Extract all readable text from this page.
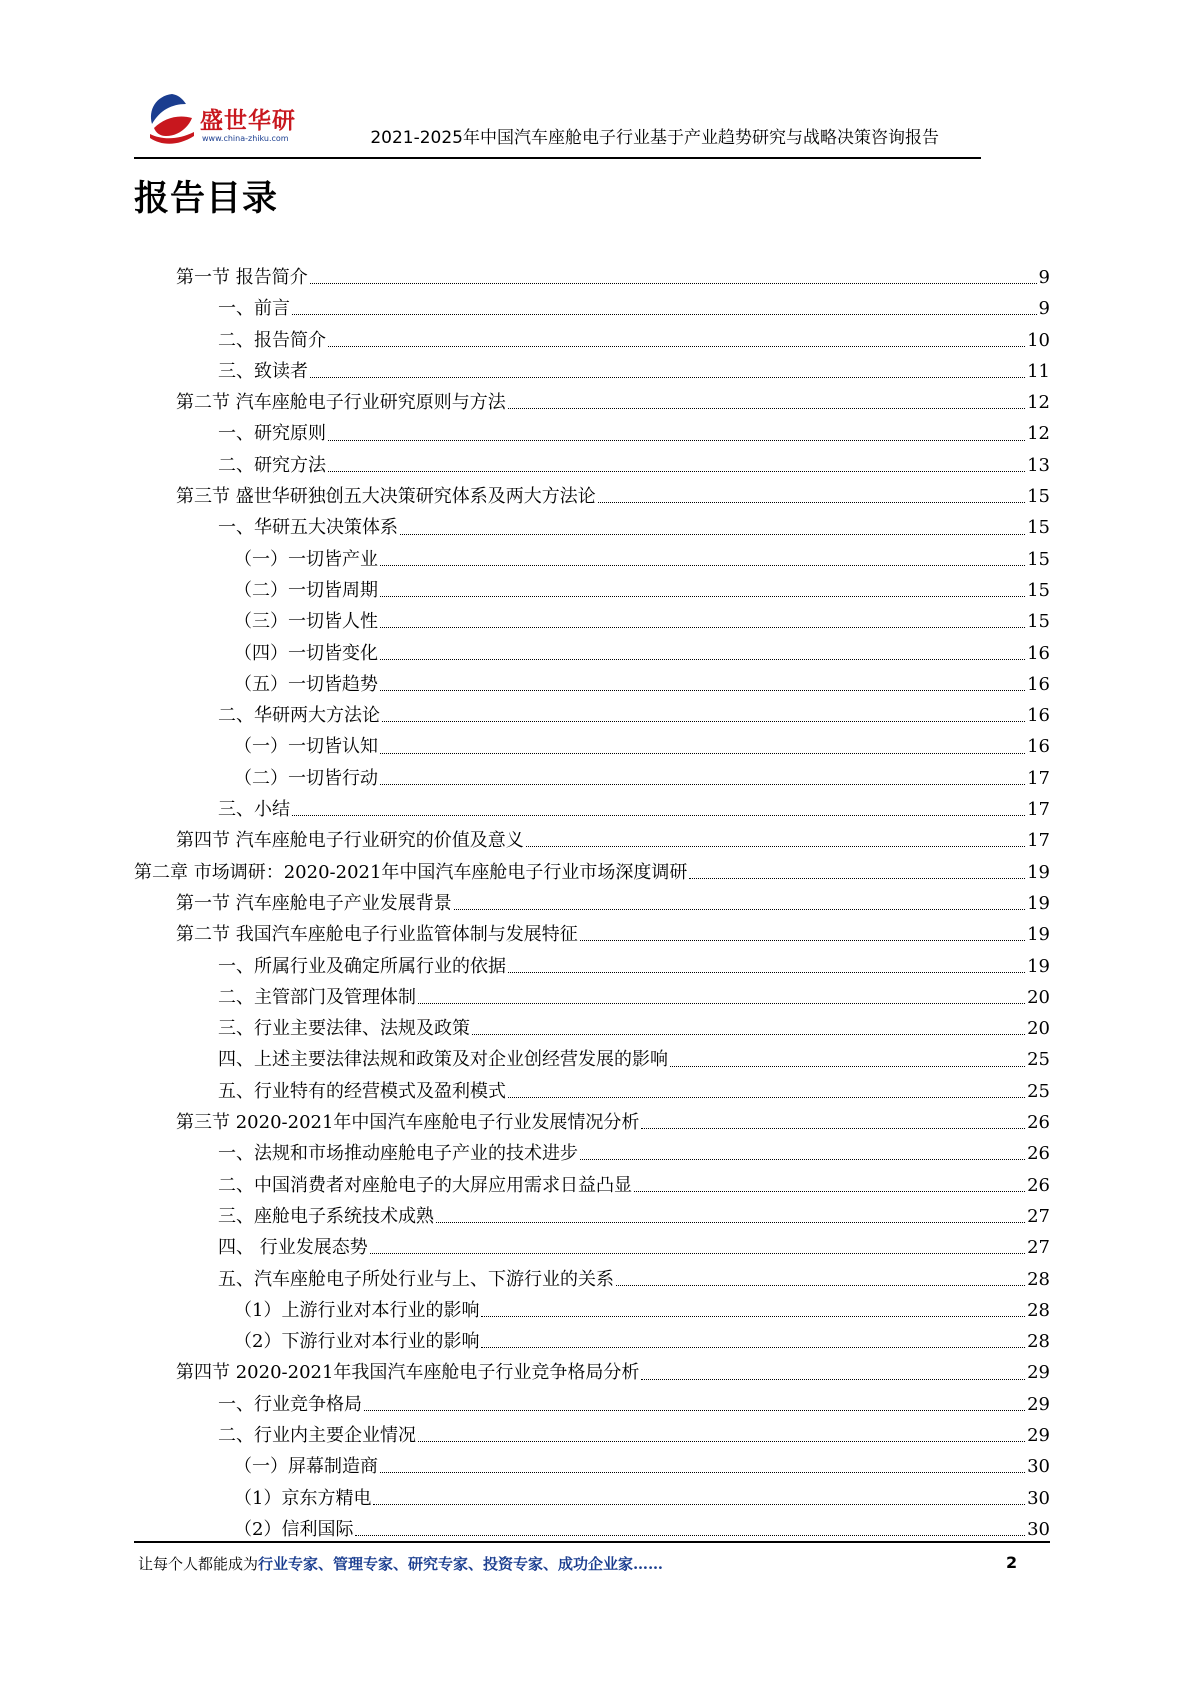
盛世华研
www.china-zhiku.com	2021-2025年中国汽车座舱电子行业基于产业趋势研究与战略决策咨询报告
报告目录
第一节 报告简介	9
一、前言	9
二、报告简介	10
三、致读者	11
第二节 汽车座舱电子行业研究原则与方法	12
一、研究原则	12
二、研究方法	13
第三节 盛世华研独创五大决策研究体系及两大方法论	15
一、华研五大决策体系	15
（一）一切皆产业	15
（二）一切皆周期	15
（三）一切皆人性	15
（四）一切皆变化	16
（五）一切皆趋势	16
二、华研两大方法论	16
（一）一切皆认知	16
（二）一切皆行动	17
三、小结	17
第四节 汽车座舱电子行业研究的价值及意义	17
第二章 市场调研：2020-2021年中国汽车座舱电子行业市场深度调研	19
第一节 汽车座舱电子产业发展背景	19
第二节 我国汽车座舱电子行业监管体制与发展特征	19
一、所属行业及确定所属行业的依据	19
二、主管部门及管理体制	20
三、行业主要法律、法规及政策	20
四、上述主要法律法规和政策及对企业创经营发展的影响	25
五、行业特有的经营模式及盈利模式	25
第三节 2020-2021年中国汽车座舱电子行业发展情况分析	26
一、法规和市场推动座舱电子产业的技术进步	26
二、中国消费者对座舱电子的大屏应用需求日益凸显	26
三、座舱电子系统技术成熟	27
四、 行业发展态势	27
五、汽车座舱电子所处行业与上、下游行业的关系	28
（1）上游行业对本行业的影响	28
（2）下游行业对本行业的影响	28
第四节 2020-2021年我国汽车座舱电子行业竞争格局分析	29
一、行业竞争格局	29
二、行业内主要企业情况	29
（一）屏幕制造商	30
（1）京东方精电	30
（2）信利国际	30
让每个人都能成为行业专家、管理专家、研究专家、投资专家、成功企业家……	2
